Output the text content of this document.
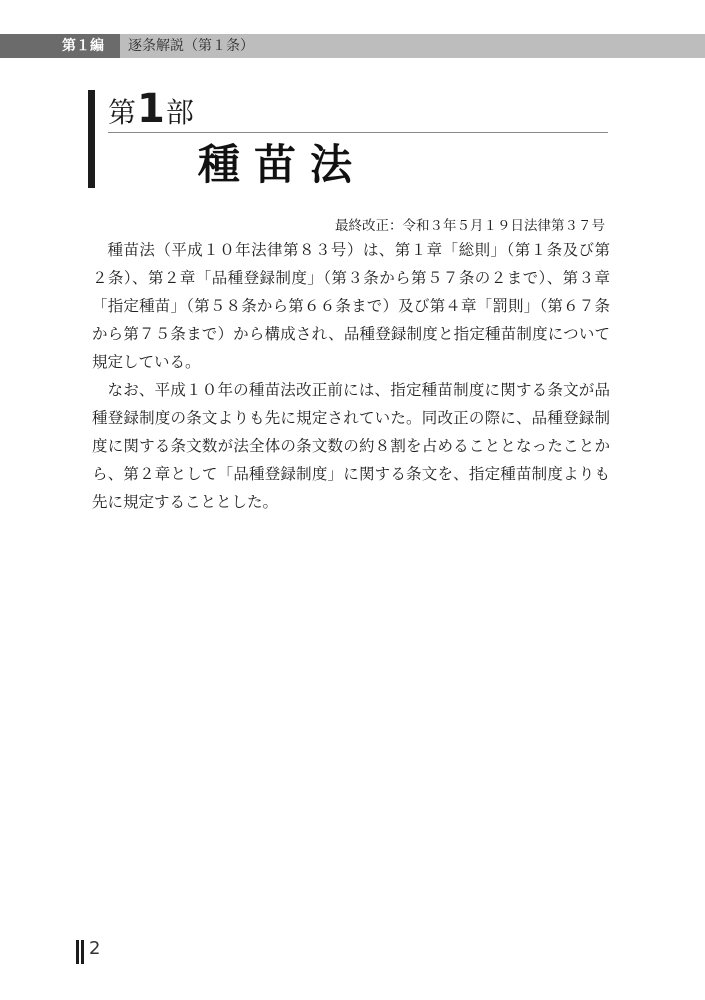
第１編 逐条解説（第１条）
第1部
種苗法
最終改正：令和３年５月１９日法律第３７号

種苗法（平成１０年法律第８３号）は、第１章「総則」（第１条及び第２条）、第２章「品種登録制度」（第３条から第５７条の２まで）、第３章「指定種苗」（第５８条から第６６条まで）及び第４章「罰則」（第６７条から第７５条まで）から構成され、品種登録制度と指定種苗制度について規定している。

なお、平成１０年の種苗法改正前には、指定種苗制度に関する条文が品種登録制度の条文よりも先に規定されていた。同改正の際に、品種登録制度に関する条文数が法全体の条文数の約８割を占めることとなったことから、第２章として「品種登録制度」に関する条文を、指定種苗制度よりも先に規定することとした。

2
